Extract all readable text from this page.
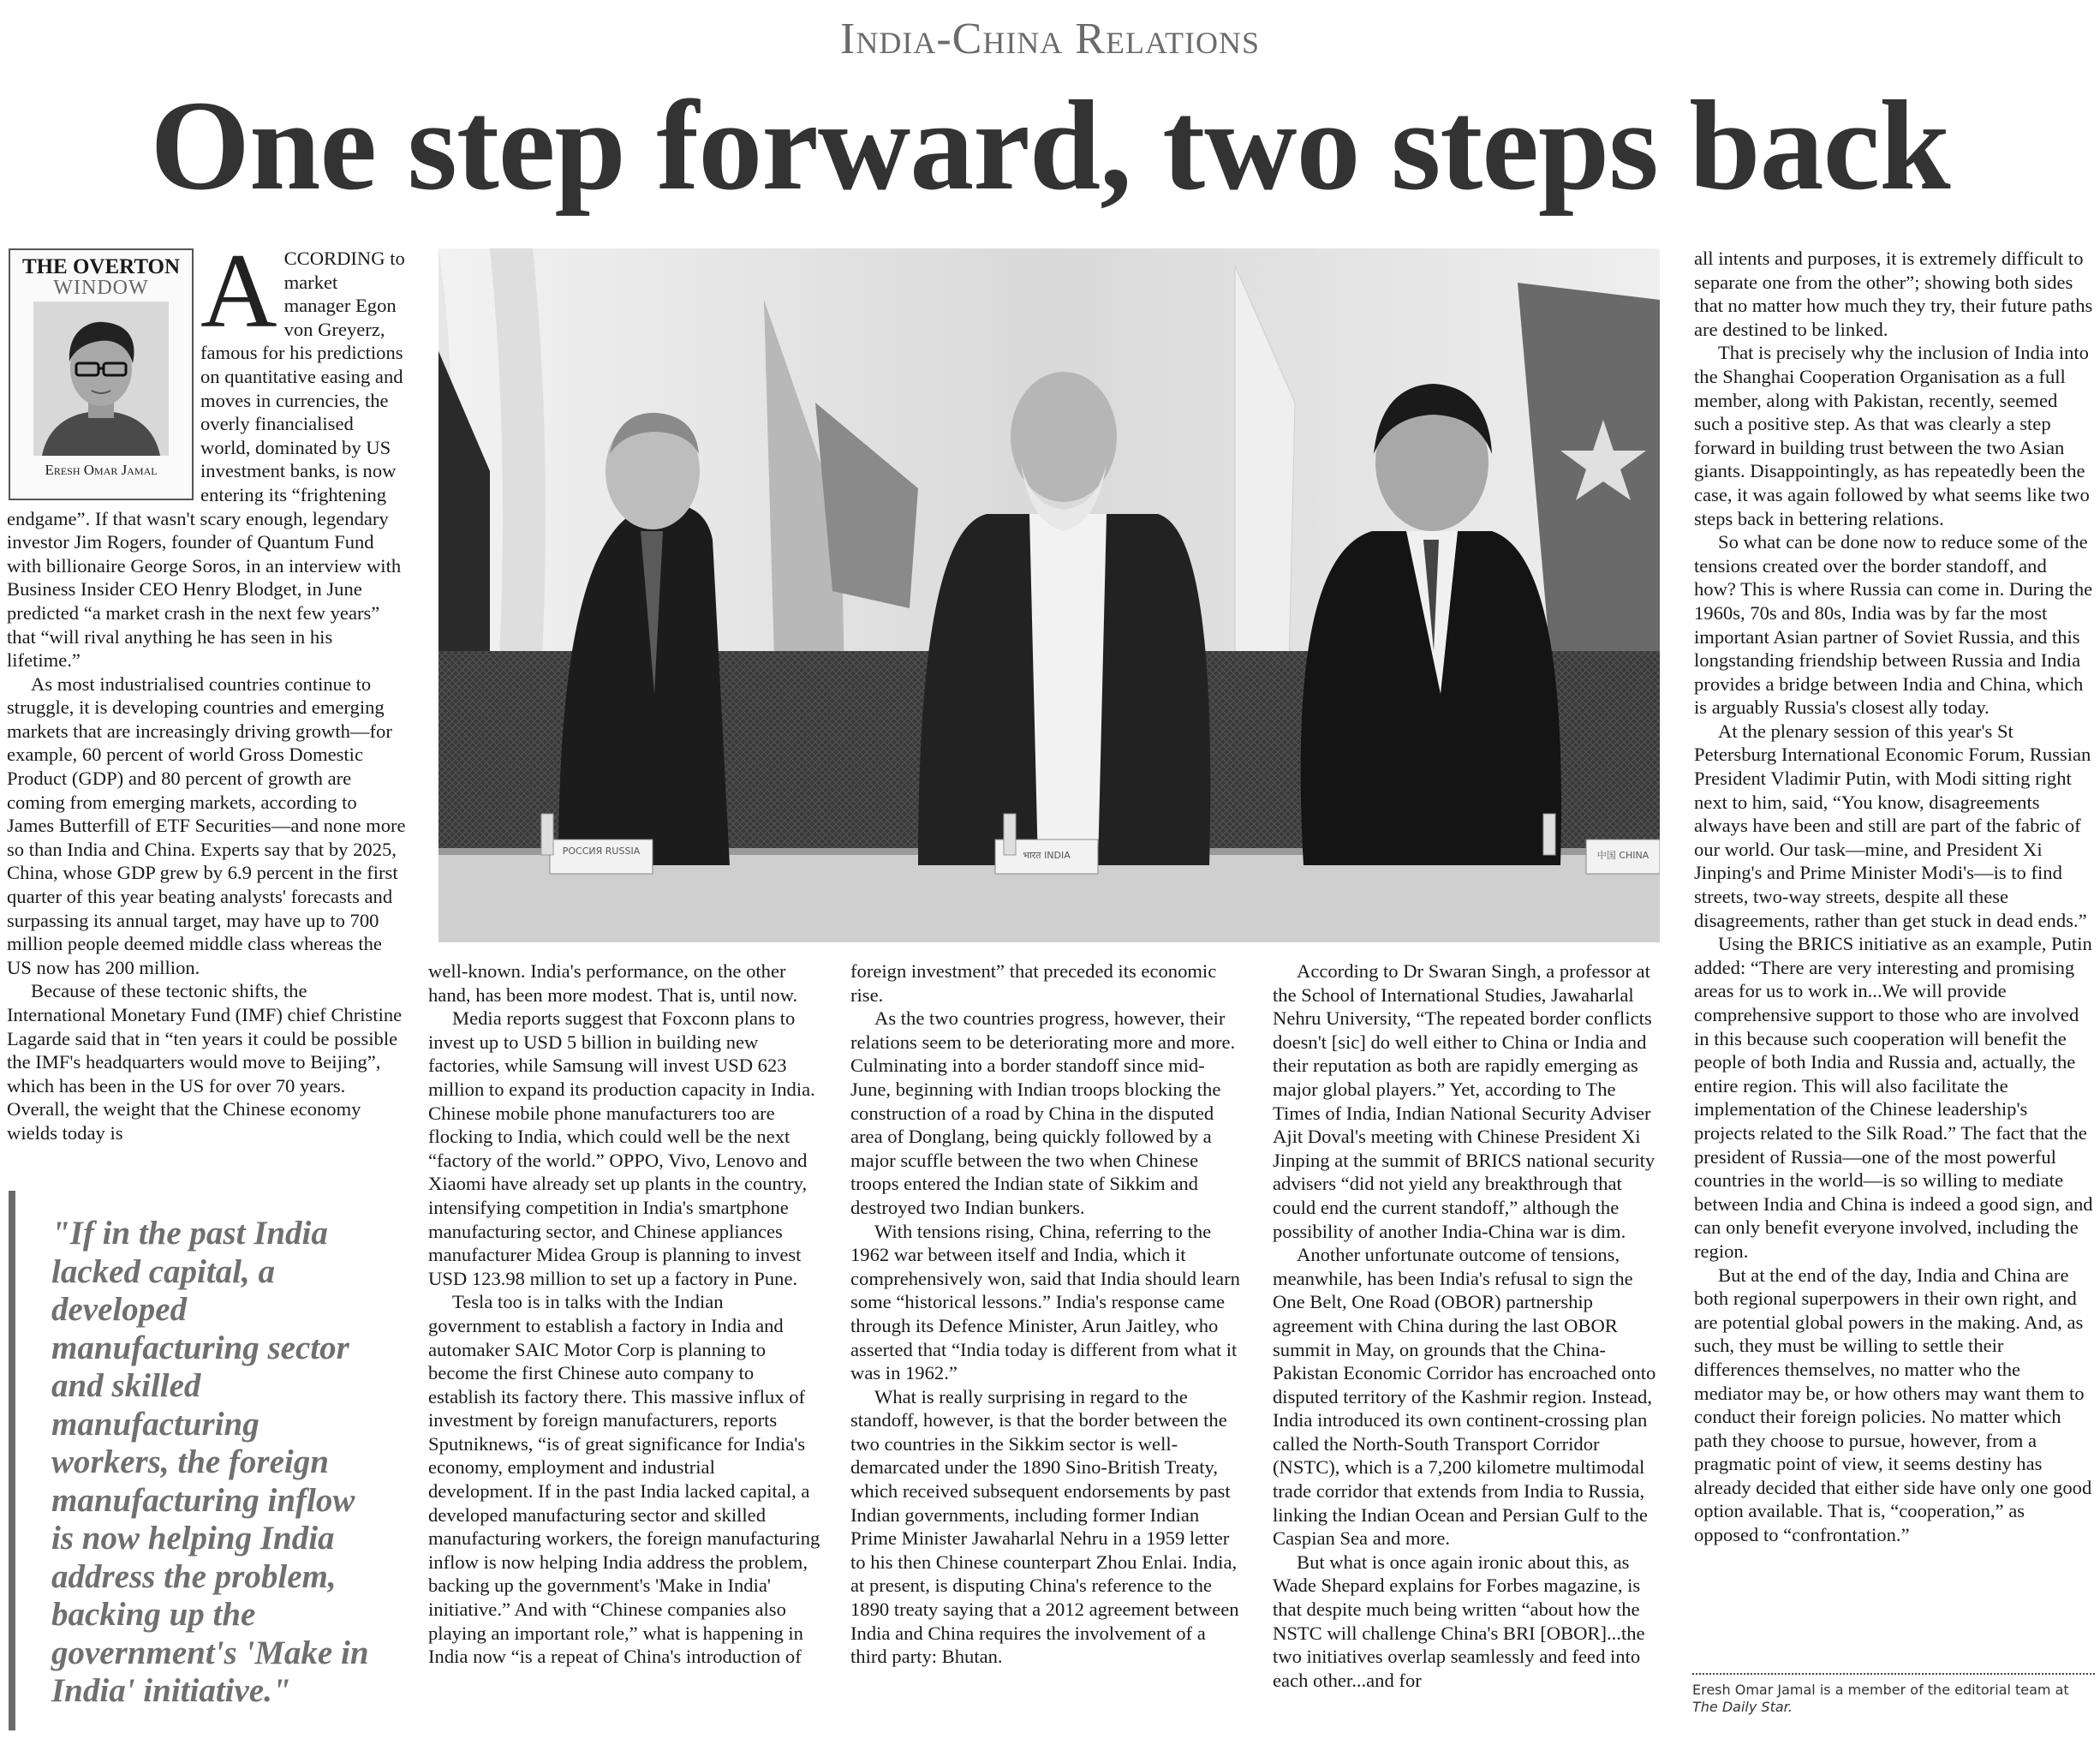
India-China Relations
One step forward, two steps back
THE OVERTON
WINDOW
Eresh Omar Jamal

ACCORDING to market manager Egon von Greyerz, famous for his predictions on quantitative easing and moves in currencies, the overly financialised world, dominated by US investment banks, is now entering its “frightening endgame”. If that wasn't scary enough, legendary investor Jim Rogers, founder of Quantum Fund with billionaire George Soros, in an interview with Business Insider CEO Henry Blodget, in June predicted “a market crash in the next few years” that “will rival anything he has seen in his lifetime.”

As most industrialised countries continue to struggle, it is developing countries and emerging markets that are increasingly driving growth—for example, 60 percent of world Gross Domestic Product (GDP) and 80 percent of growth are coming from emerging markets, according to James Butterfill of ETF Securities—and none more so than India and China. Experts say that by 2025, China, whose GDP grew by 6.9 percent in the first quarter of this year beating analysts' forecasts and surpassing its annual target, may have up to 700 million people deemed middle class whereas the US now has 200 million.

Because of these tectonic shifts, the International Monetary Fund (IMF) chief Christine Lagarde said that in “ten years it could be possible the IMF's headquarters would move to Beijing”, which has been in the US for over 70 years. Overall, the weight that the Chinese economy wields today is

"If in the past India lacked capital, a developed manufacturing sector and skilled manufacturing workers, the foreign manufacturing inflow is now helping India address the problem, backing up the government's 'Make in India' initiative."
РОССИЯ RUSSIA	भारत INDIA	中国 CHINA

well-known. India's performance, on the other hand, has been more modest. That is, until now.

Media reports suggest that Foxconn plans to invest up to USD 5 billion in building new factories, while Samsung will invest USD 623 million to expand its production capacity in India. Chinese mobile phone manufacturers too are flocking to India, which could well be the next “factory of the world.” OPPO, Vivo, Lenovo and Xiaomi have already set up plants in the country, intensifying competition in India's smartphone manufacturing sector, and Chinese appliances manufacturer Midea Group is planning to invest USD 123.98 million to set up a factory in Pune.

Tesla too is in talks with the Indian government to establish a factory in India and automaker SAIC Motor Corp is planning to become the first Chinese auto company to establish its factory there. This massive influx of investment by foreign manufacturers, reports Sputniknews, “is of great significance for India's economy, employment and industrial development. If in the past India lacked capital, a developed manufacturing sector and skilled manufacturing workers, the foreign manufacturing inflow is now helping India address the problem, backing up the government's 'Make in India' initiative.” And with “Chinese companies also playing an important role,” what is happening in India now “is a repeat of China's introduction of

foreign investment” that preceded its economic rise.

As the two countries progress, however, their relations seem to be deteriorating more and more. Culminating into a border standoff since mid-June, beginning with Indian troops blocking the construction of a road by China in the disputed area of Donglang, being quickly followed by a major scuffle between the two when Chinese troops entered the Indian state of Sikkim and destroyed two Indian bunkers.

With tensions rising, China, referring to the 1962 war between itself and India, which it comprehensively won, said that India should learn some “historical lessons.” India's response came through its Defence Minister, Arun Jaitley, who asserted that “India today is different from what it was in 1962.”

What is really surprising in regard to the standoff, however, is that the border between the two countries in the Sikkim sector is well-demarcated under the 1890 Sino-British Treaty, which received subsequent endorsements by past Indian governments, including former Indian Prime Minister Jawaharlal Nehru in a 1959 letter to his then Chinese counterpart Zhou Enlai. India, at present, is disputing China's reference to the 1890 treaty saying that a 2012 agreement between India and China requires the involvement of a third party: Bhutan.

According to Dr Swaran Singh, a professor at the School of International Studies, Jawaharlal Nehru University, “The repeated border conflicts doesn't [sic] do well either to China or India and their reputation as both are rapidly emerging as major global players.” Yet, according to The Times of India, Indian National Security Adviser Ajit Doval's meeting with Chinese President Xi Jinping at the summit of BRICS national security advisers “did not yield any breakthrough that could end the current standoff,” although the possibility of another India-China war is dim.

Another unfortunate outcome of tensions, meanwhile, has been India's refusal to sign the One Belt, One Road (OBOR) partnership agreement with China during the last OBOR summit in May, on grounds that the China-Pakistan Economic Corridor has encroached onto disputed territory of the Kashmir region. Instead, India introduced its own continent-crossing plan called the North-South Transport Corridor (NSTC), which is a 7,200 kilometre multimodal trade corridor that extends from India to Russia, linking the Indian Ocean and Persian Gulf to the Caspian Sea and more.

But what is once again ironic about this, as Wade Shepard explains for Forbes magazine, is that despite much being written “about how the NSTC will challenge China's BRI [OBOR]...the two initiatives overlap seamlessly and feed into each other...and for

all intents and purposes, it is extremely difficult to separate one from the other”; showing both sides that no matter how much they try, their future paths are destined to be linked.

That is precisely why the inclusion of India into the Shanghai Cooperation Organisation as a full member, along with Pakistan, recently, seemed such a positive step. As that was clearly a step forward in building trust between the two Asian giants. Disappointingly, as has repeatedly been the case, it was again followed by what seems like two steps back in bettering relations.

So what can be done now to reduce some of the tensions created over the border standoff, and how? This is where Russia can come in. During the 1960s, 70s and 80s, India was by far the most important Asian partner of Soviet Russia, and this longstanding friendship between Russia and India provides a bridge between India and China, which is arguably Russia's closest ally today.

At the plenary session of this year's St Petersburg International Economic Forum, Russian President Vladimir Putin, with Modi sitting right next to him, said, “You know, disagreements always have been and still are part of the fabric of our world. Our task—mine, and President Xi Jinping's and Prime Minister Modi's—is to find streets, two-way streets, despite all these disagreements, rather than get stuck in dead ends.”

Using the BRICS initiative as an example, Putin added: “There are very interesting and promising areas for us to work in...We will provide comprehensive support to those who are involved in this because such cooperation will benefit the people of both India and Russia and, actually, the entire region. This will also facilitate the implementation of the Chinese leadership's projects related to the Silk Road.” The fact that the president of Russia—one of the most powerful countries in the world—is so willing to mediate between India and China is indeed a good sign, and can only benefit everyone involved, including the region.

But at the end of the day, India and China are both regional superpowers in their own right, and are potential global powers in the making. And, as such, they must be willing to settle their differences themselves, no matter who the mediator may be, or how others may want them to conduct their foreign policies. No matter which path they choose to pursue, however, from a pragmatic point of view, it seems destiny has already decided that either side have only one good option available. That is, “cooperation,” as opposed to “confrontation.”

Eresh Omar Jamal is a member of the editorial team at
The Daily Star.
